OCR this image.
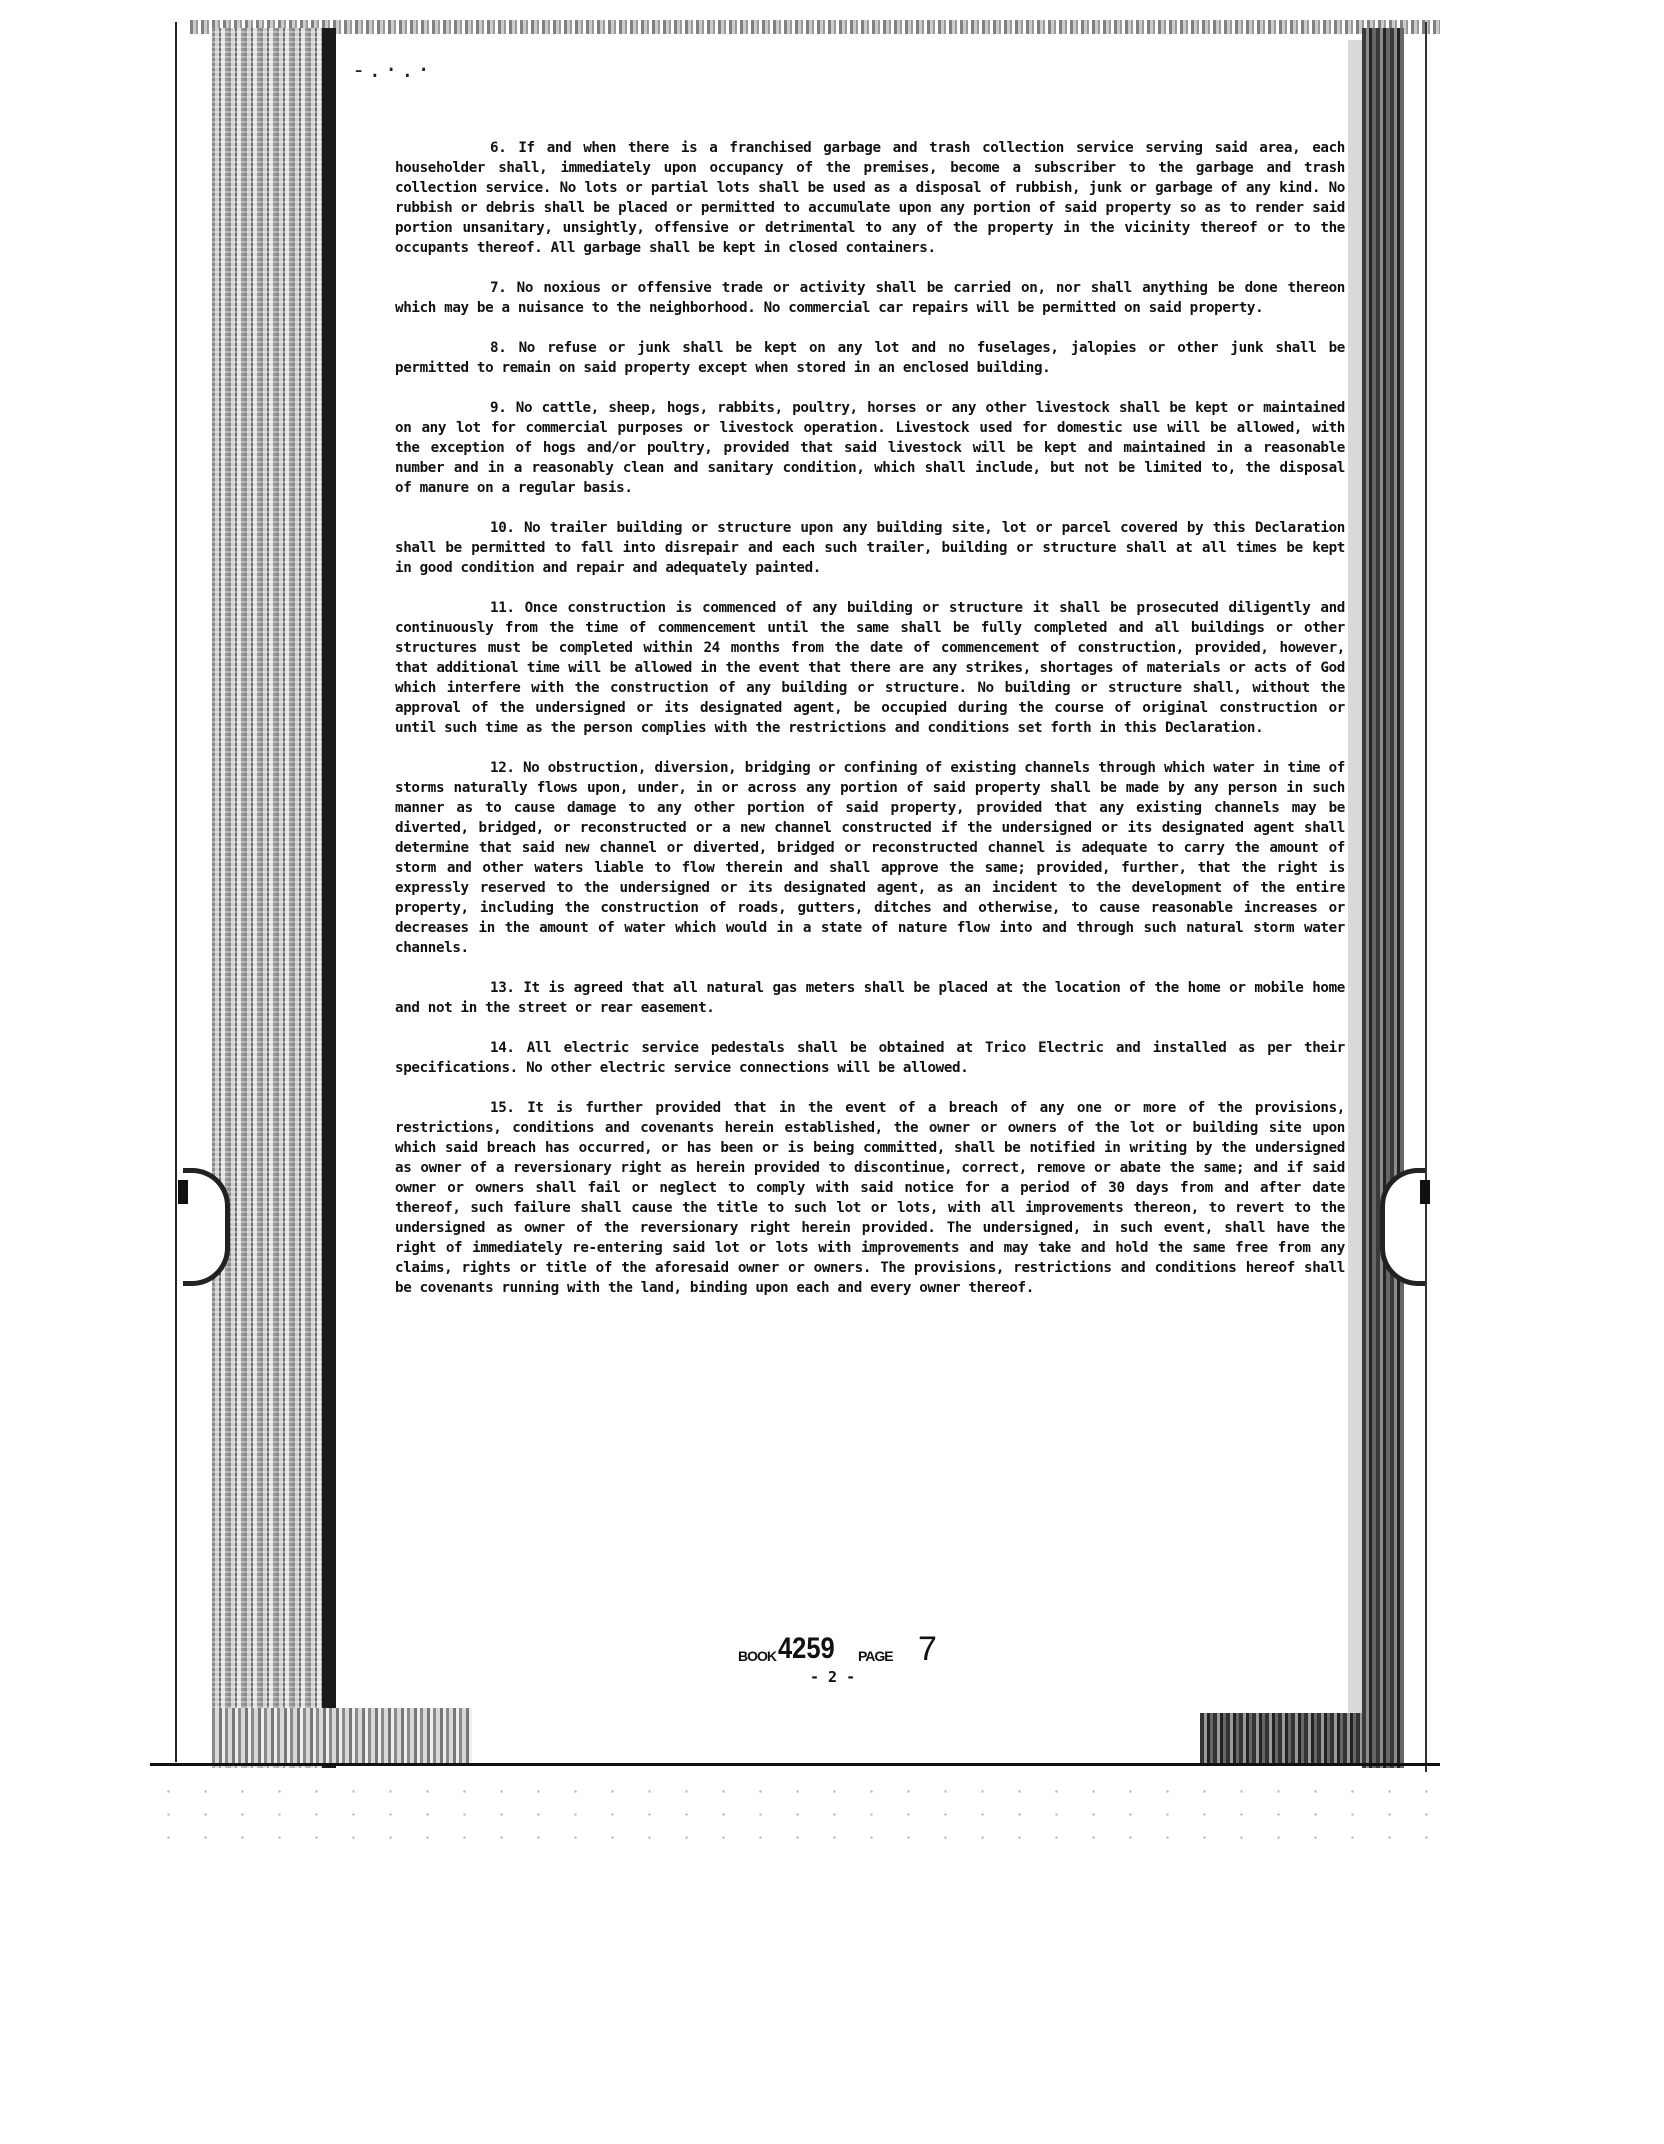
-.·.·

6. If and when there is a franchised garbage and trash collection service serving said area, each householder shall, immediately upon occupancy of the premises, become a subscriber to the garbage and trash collection service. No lots or partial lots shall be used as a disposal of rubbish, junk or garbage of any kind. No rubbish or debris shall be placed or permitted to accumulate upon any portion of said property so as to render said portion unsanitary, unsightly, offensive or detrimental to any of the property in the vicinity thereof or to the occupants thereof. All garbage shall be kept in closed containers.

7. No noxious or offensive trade or activity shall be carried on, nor shall anything be done thereon which may be a nuisance to the neighborhood. No commercial car repairs will be permitted on said property.

8. No refuse or junk shall be kept on any lot and no fuselages, jalopies or other junk shall be permitted to remain on said property except when stored in an enclosed building.

9. No cattle, sheep, hogs, rabbits, poultry, horses or any other livestock shall be kept or maintained on any lot for commercial purposes or livestock operation. Livestock used for domestic use will be allowed, with the exception of hogs and/or poultry, provided that said livestock will be kept and maintained in a reasonable number and in a reasonably clean and sanitary condition, which shall include, but not be limited to, the disposal of manure on a regular basis.

10. No trailer building or structure upon any building site, lot or parcel covered by this Declaration shall be permitted to fall into disrepair and each such trailer, building or structure shall at all times be kept in good condition and repair and adequately painted.

11. Once construction is commenced of any building or structure it shall be prosecuted diligently and continuously from the time of commencement until the same shall be fully completed and all buildings or other structures must be completed within 24 months from the date of commencement of construction, provided, however, that additional time will be allowed in the event that there are any strikes, shortages of materials or acts of God which interfere with the construction of any building or structure. No building or structure shall, without the approval of the undersigned or its designated agent, be occupied during the course of original construction or until such time as the person complies with the restrictions and conditions set forth in this Declaration.

12. No obstruction, diversion, bridging or confining of existing channels through which water in time of storms naturally flows upon, under, in or across any portion of said property shall be made by any person in such manner as to cause damage to any other portion of said property, provided that any existing channels may be diverted, bridged, or reconstructed or a new channel constructed if the undersigned or its designated agent shall determine that said new channel or diverted, bridged or reconstructed channel is adequate to carry the amount of storm and other waters liable to flow therein and shall approve the same; provided, further, that the right is expressly reserved to the undersigned or its designated agent, as an incident to the development of the entire property, including the construction of roads, gutters, ditches and otherwise, to cause reasonable increases or decreases in the amount of water which would in a state of nature flow into and through such natural storm water channels.

13. It is agreed that all natural gas meters shall be placed at the location of the home or mobile home and not in the street or rear easement.

14. All electric service pedestals shall be obtained at Trico Electric and installed as per their specifications. No other electric service connections will be allowed.

15. It is further provided that in the event of a breach of any one or more of the provisions, restrictions, conditions and covenants herein established, the owner or owners of the lot or building site upon which said breach has occurred, or has been or is being committed, shall be notified in writing by the undersigned as owner of a reversionary right as herein provided to discontinue, correct, remove or abate the same; and if said owner or owners shall fail or neglect to comply with said notice for a period of 30 days from and after date thereof, such failure shall cause the title to such lot or lots, with all improvements thereon, to revert to the undersigned as owner of the reversionary right herein provided. The undersigned, in such event, shall have the right of immediately re-entering said lot or lots with improvements and may take and hold the same free from any claims, rights or title of the aforesaid owner or owners. The provisions, restrictions and conditions hereof shall be covenants running with the land, binding upon each and every owner thereof.

BOOK 4259 PAGE 7
- 2 -
